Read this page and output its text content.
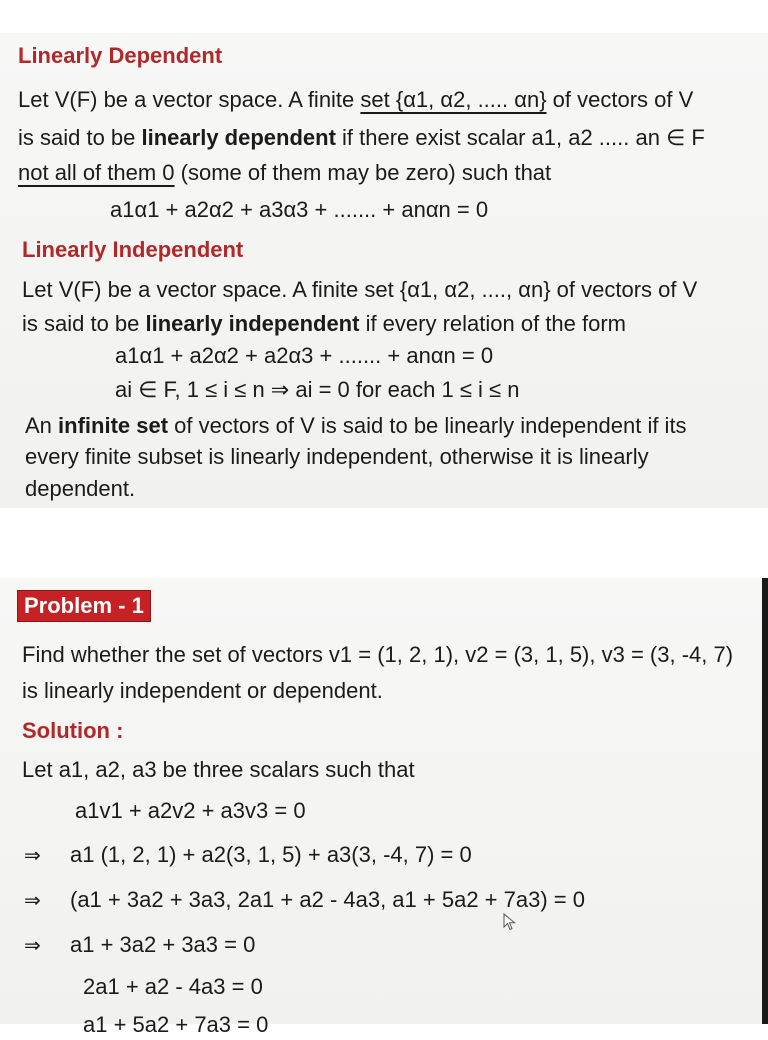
Linearly Dependent
Let V(F) be a vector space. A finite set {α1, α2, ..... αn} of vectors of V
is said to be linearly dependent if there exist scalar a1, a2 ..... an ∈ F
not all of them 0 (some of them may be zero) such that
a1α1 + a2α2 + a3α3 + ....... + anαn = 0
Linearly Independent
Let V(F) be a vector space. A finite set {α1, α2, ...., αn} of vectors of V
is said to be linearly independent if every relation of the form
a1α1 + a2α2 + a2α3 + ....... + anαn = 0
ai ∈ F, 1 ≤ i ≤ n ⇒ ai = 0 for each 1 ≤ i ≤ n
An infinite set of vectors of V is said to be linearly independent if its
every finite subset is linearly independent, otherwise it is linearly
dependent.
Problem - 1
Find whether the set of vectors v1 = (1, 2, 1), v2 = (3, 1, 5), v3 = (3, -4, 7)
is linearly independent or dependent.
Solution :
Let a1, a2, a3 be three scalars such that
a1v1 + a2v2 + a3v3 = 0
⇒ a1 (1, 2, 1) + a2(3, 1, 5) + a3(3, -4, 7) = 0
⇒ (a1 + 3a2 + 3a3, 2a1 + a2 - 4a3, a1 + 5a2 + 7a3) = 0
⇒ a1 + 3a2 + 3a3 = 0
2a1 + a2 - 4a3 = 0
a1 + 5a2 + 7a3 = 0
